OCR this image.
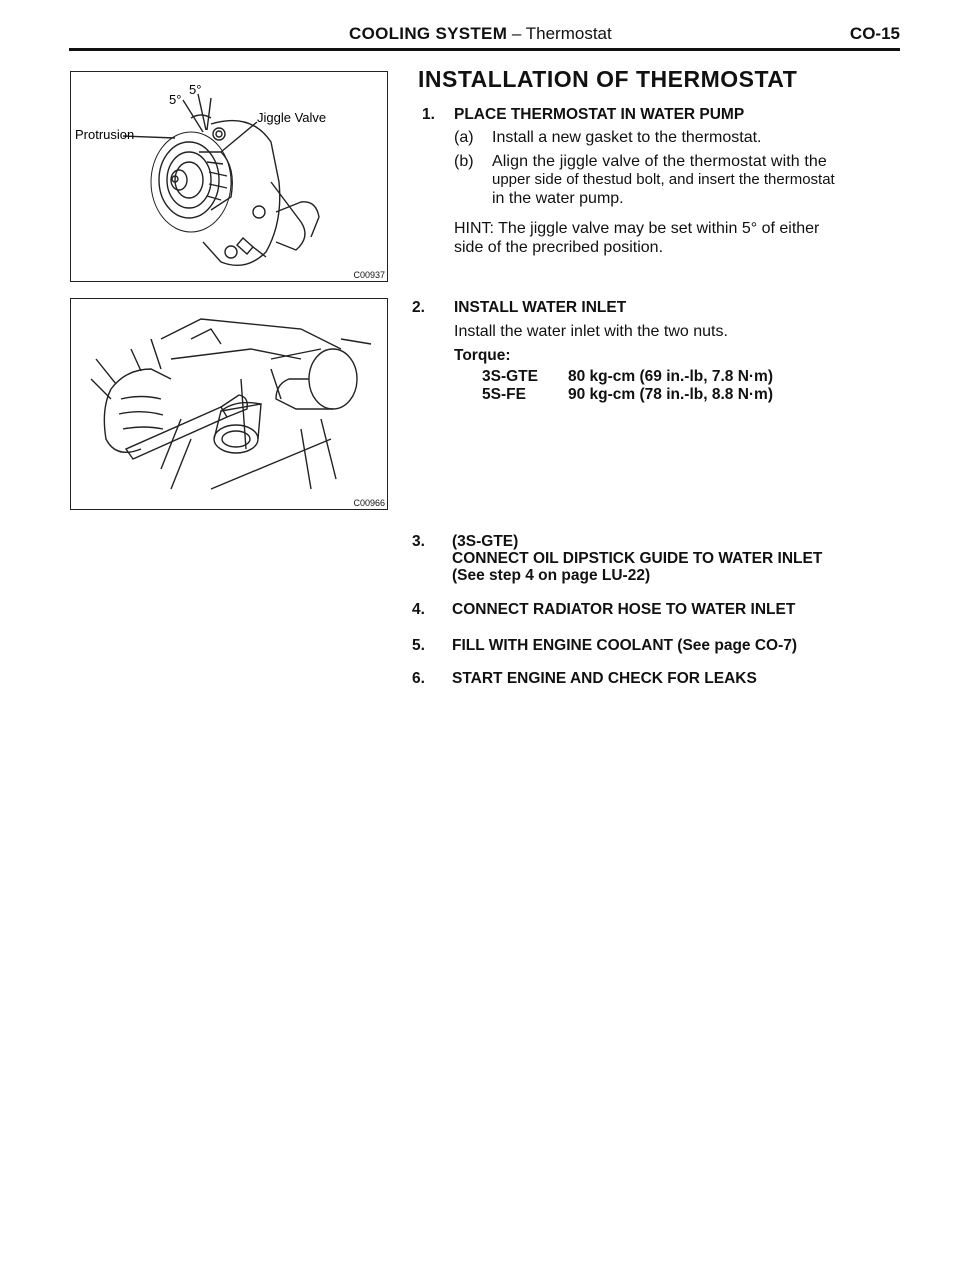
COOLING SYSTEM – Thermostat	CO-15
5°
5°
Jiggle Valve
Protrusion
C00937
C00966
INSTALLATION OF THERMOSTAT
1. PLACE THERMOSTAT IN WATER PUMP
(a) Install a new gasket to the thermostat.
(b) Align the jiggle valve of the thermostat with the
upper side of thestud bolt, and insert the thermostat
in the water pump.
HINT: The jiggle valve may be set within 5° of either
side of the precribed position.
2. INSTALL WATER INLET
Install the water inlet with the two nuts.
Torque:
3S-GTE 80 kg-cm (69 in.-lb, 7.8 N·m)
5S-FE	90 kg-cm (78 in.-lb, 8.8 N·m)
3. (3S-GTE)
CONNECT OIL DIPSTICK GUIDE TO WATER INLET
(See step 4 on page LU-22)
4. CONNECT RADIATOR HOSE TO WATER INLET
5. FILL WITH ENGINE COOLANT (See page CO-7)
6. START ENGINE AND CHECK FOR LEAKS
